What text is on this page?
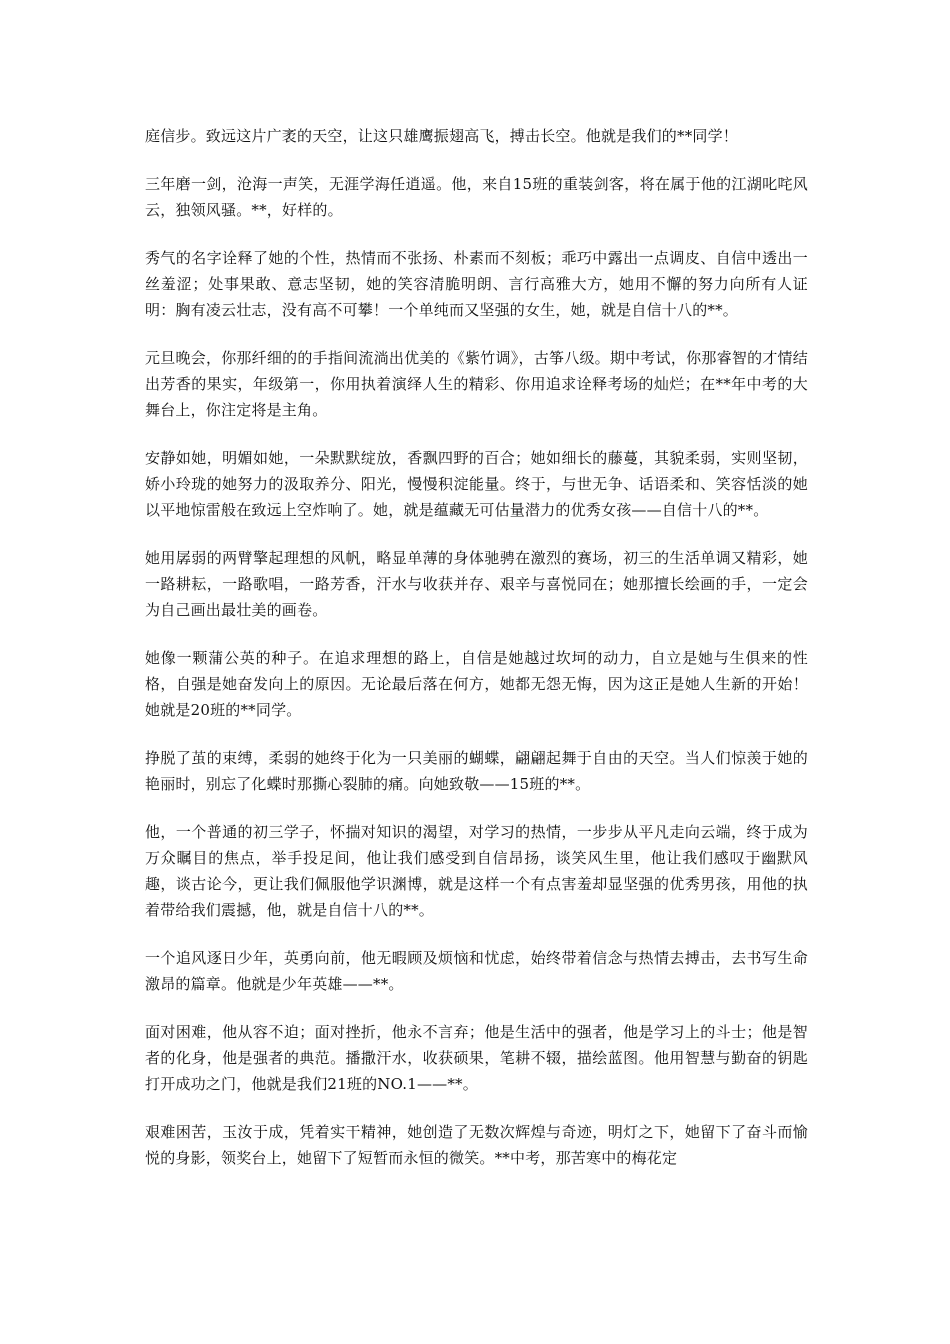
庭信步。致远这片广袤的天空，让这只雄鹰振翅高飞，搏击长空。他就是我们的**同学！

三年磨一剑，沧海一声笑，无涯学海任逍遥。他，来自15班的重装剑客，将在属于他的江湖叱咤风云，独领风骚。**，好样的。

秀气的名字诠释了她的个性，热情而不张扬、朴素而不刻板；乖巧中露出一点调皮、自信中透出一丝羞涩；处事果敢、意志坚韧，她的笑容清脆明朗、言行高雅大方，她用不懈的努力向所有人证明：胸有凌云壮志，没有高不可攀！一个单纯而又坚强的女生，她，就是自信十八的**。

元旦晚会，你那纤细的的手指间流淌出优美的《紫竹调》，古筝八级。期中考试，你那睿智的才情结出芳香的果实，年级第一，你用执着演绎人生的精彩、你用追求诠释考场的灿烂；在**年中考的大舞台上，你注定将是主角。

安静如她，明媚如她，一朵默默绽放，香飘四野的百合；她如细长的藤蔓，其貌柔弱，实则坚韧，娇小玲珑的她努力的汲取养分、阳光，慢慢积淀能量。终于，与世无争、话语柔和、笑容恬淡的她以平地惊雷般在致远上空炸响了。她，就是蕴藏无可估量潜力的优秀女孩——自信十八的**。

她用孱弱的两臂擎起理想的风帆，略显单薄的身体驰骋在激烈的赛场，初三的生活单调又精彩，她一路耕耘，一路歌唱，一路芳香，汗水与收获并存、艰辛与喜悦同在；她那擅长绘画的手，一定会为自己画出最壮美的画卷。

她像一颗蒲公英的种子。在追求理想的路上，自信是她越过坎坷的动力，自立是她与生俱来的性格，自强是她奋发向上的原因。无论最后落在何方，她都无怨无悔，因为这正是她人生新的开始！她就是20班的**同学。

挣脱了茧的束缚，柔弱的她终于化为一只美丽的蝴蝶，翩翩起舞于自由的天空。当人们惊羡于她的艳丽时，别忘了化蝶时那撕心裂肺的痛。向她致敬——15班的**。

他，一个普通的初三学子，怀揣对知识的渴望，对学习的热情，一步步从平凡走向云端，终于成为万众瞩目的焦点，举手投足间，他让我们感受到自信昂扬，谈笑风生里，他让我们感叹于幽默风趣，谈古论今，更让我们佩服他学识渊博，就是这样一个有点害羞却显坚强的优秀男孩，用他的执着带给我们震撼，他，就是自信十八的**。

一个追风逐日少年，英勇向前，他无暇顾及烦恼和忧虑，始终带着信念与热情去搏击，去书写生命激昂的篇章。他就是少年英雄——**。

面对困难，他从容不迫；面对挫折，他永不言弃；他是生活中的强者，他是学习上的斗士；他是智者的化身，他是强者的典范。播撒汗水，收获硕果，笔耕不辍，描绘蓝图。他用智慧与勤奋的钥匙打开成功之门，他就是我们21班的NO.1——**。

艰难困苦，玉汝于成，凭着实干精神，她创造了无数次辉煌与奇迹，明灯之下，她留下了奋斗而愉悦的身影，领奖台上，她留下了短暂而永恒的微笑。**中考，那苦寒中的梅花定
